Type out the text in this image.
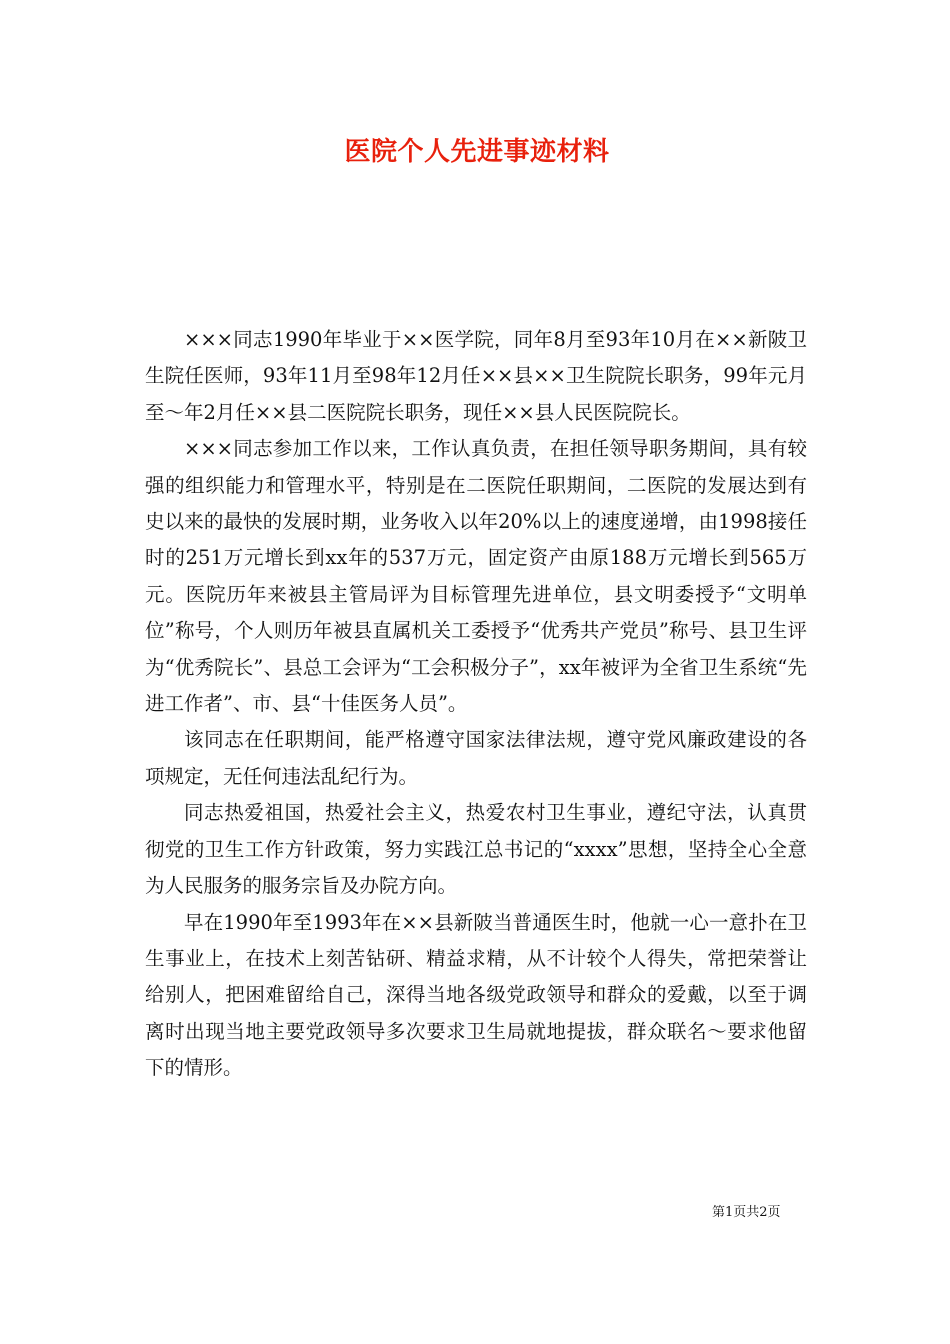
医院个人先进事迹材料

×××同志1990年毕业于××医学院，同年8月至93年10月在××新陂卫生院任医师，93年11月至98年12月任××县××卫生院院长职务，99年元月至～年2月任××县二医院院长职务，现任××县人民医院院长。

×××同志参加工作以来，工作认真负责，在担任领导职务期间，具有较强的组织能力和管理水平，特别是在二医院任职期间，二医院的发展达到有史以来的最快的发展时期，业务收入以年20%以上的速度递增，由1998接任时的251万元增长到xx年的537万元，固定资产由原188万元增长到565万元。医院历年来被县主管局评为目标管理先进单位，县文明委授予“文明单位”称号，个人则历年被县直属机关工委授予“优秀共产党员”称号、县卫生评为“优秀院长”、县总工会评为“工会积极分子”，xx年被评为全省卫生系统“先进工作者”、市、县“十佳医务人员”。

该同志在任职期间，能严格遵守国家法律法规，遵守党风廉政建设的各项规定，无任何违法乱纪行为。

同志热爱祖国，热爱社会主义，热爱农村卫生事业，遵纪守法，认真贯彻党的卫生工作方针政策，努力实践江总书记的“xxxx”思想，坚持全心全意为人民服务的服务宗旨及办院方向。

早在1990年至1993年在××县新陂当普通医生时，他就一心一意扑在卫生事业上，在技术上刻苦钻研、精益求精，从不计较个人得失，常把荣誉让给别人，把困难留给自己，深得当地各级党政领导和群众的爱戴，以至于调离时出现当地主要党政领导多次要求卫生局就地提拔，群众联名～要求他留下的情形。

第1页共2页
